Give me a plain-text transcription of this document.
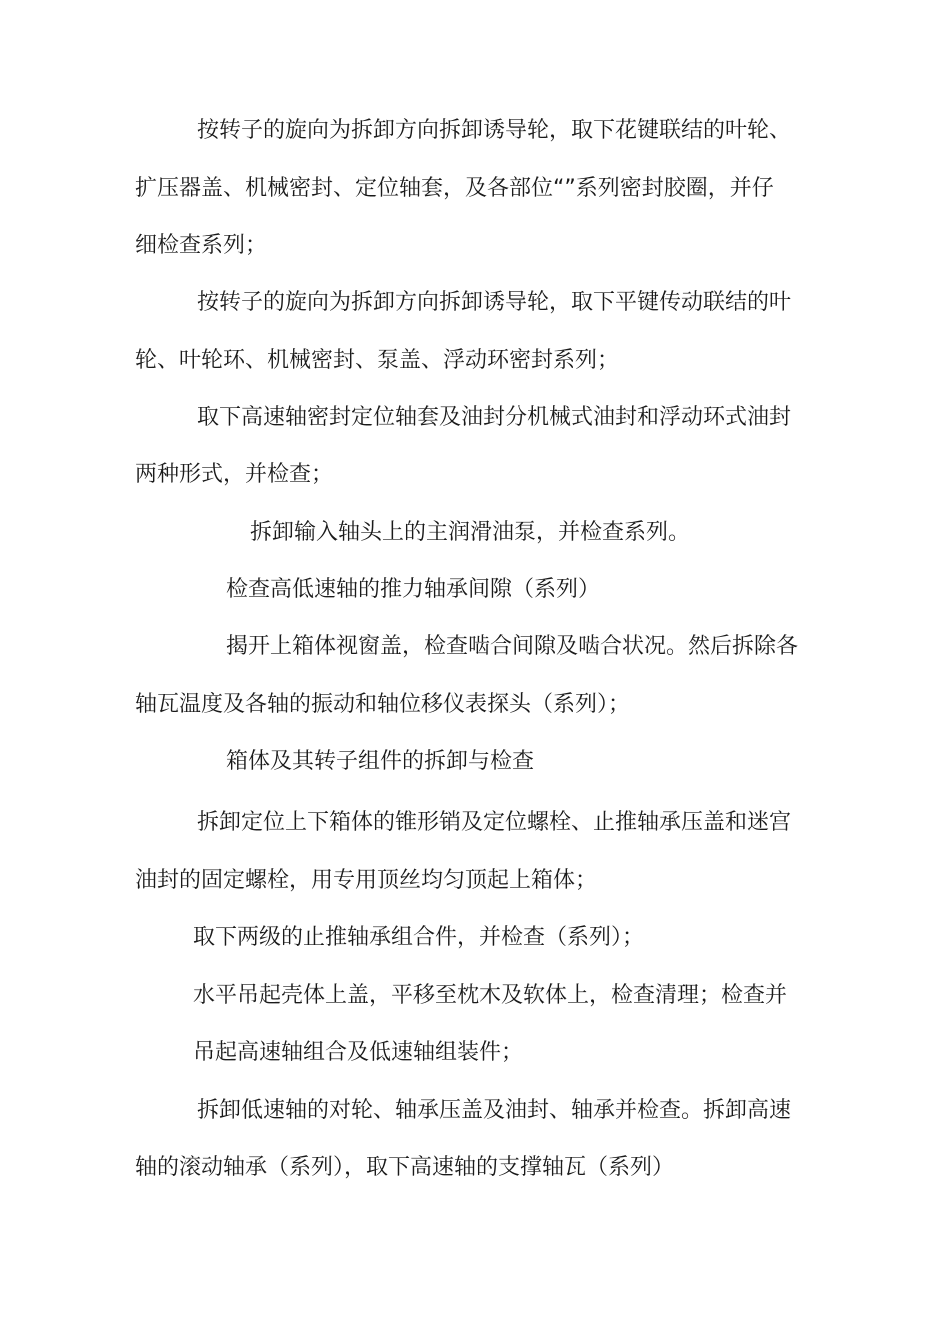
按转子的旋向为拆卸方向拆卸诱导轮，取下花键联结的叶轮、
扩压器盖、机械密封、定位轴套，及各部位“”系列密封胶圈，并仔
细检查系列；
按转子的旋向为拆卸方向拆卸诱导轮，取下平键传动联结的叶
轮、叶轮环、机械密封、泵盖、浮动环密封系列；
取下高速轴密封定位轴套及油封分机械式油封和浮动环式油封
两种形式，并检查；
拆卸输入轴头上的主润滑油泵，并检查系列。
检查高低速轴的推力轴承间隙（系列）
揭开上箱体视窗盖，检查啮合间隙及啮合状况。然后拆除各
轴瓦温度及各轴的振动和轴位移仪表探头（系列）；
箱体及其转子组件的拆卸与检查
拆卸定位上下箱体的锥形销及定位螺栓、止推轴承压盖和迷宫
油封的固定螺栓，用专用顶丝均匀顶起上箱体；
取下两级的止推轴承组合件，并检查（系列）；
水平吊起壳体上盖，平移至枕木及软体上，检查清理；检查并
吊起高速轴组合及低速轴组装件；
拆卸低速轴的对轮、轴承压盖及油封、轴承并检查。拆卸高速
轴的滚动轴承（系列），取下高速轴的支撑轴瓦（系列）
